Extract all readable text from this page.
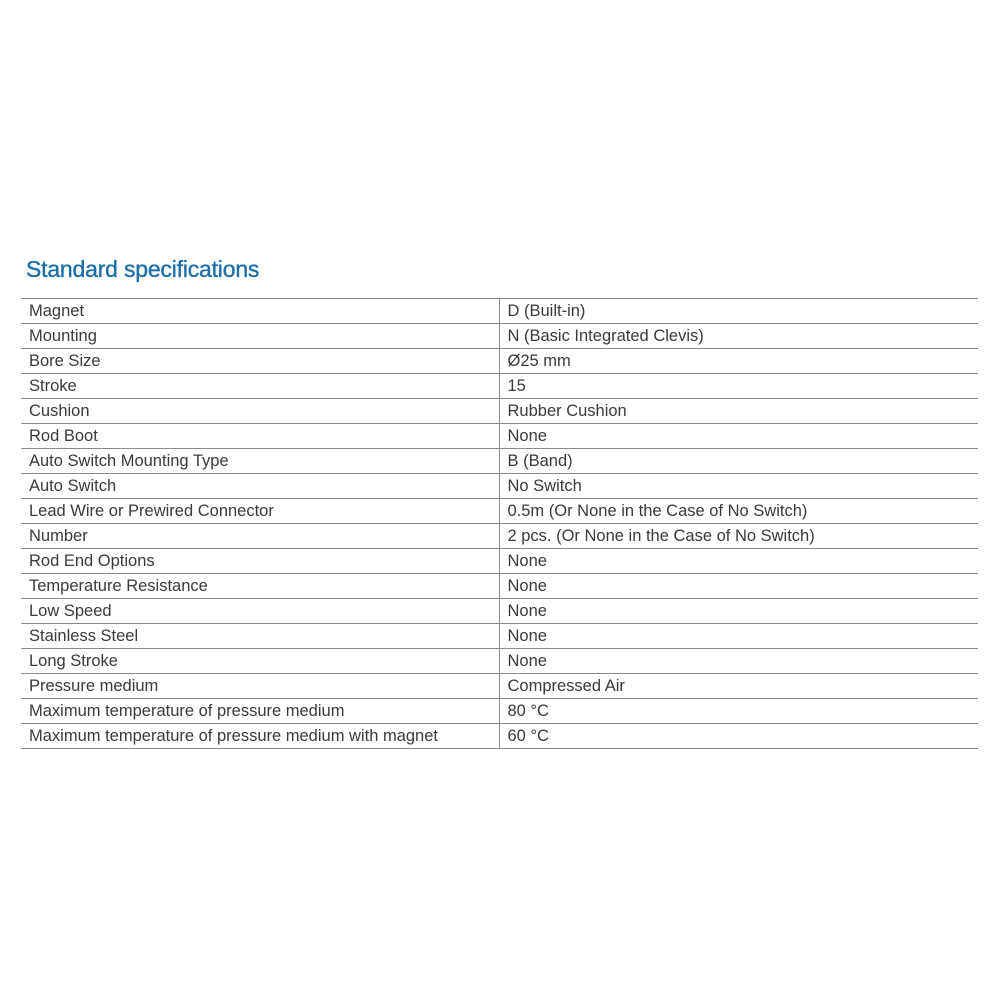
Standard specifications
Magnet	D (Built-in)
Mounting	N (Basic Integrated Clevis)
Bore Size	Ø25 mm
Stroke	15
Cushion	Rubber Cushion
Rod Boot	None
Auto Switch Mounting Type	B (Band)
Auto Switch	No Switch
Lead Wire or Prewired Connector	0.5m (Or None in the Case of No Switch)
Number	2 pcs. (Or None in the Case of No Switch)
Rod End Options	None
Temperature Resistance	None
Low Speed	None
Stainless Steel	None
Long Stroke	None
Pressure medium	Compressed Air
Maximum temperature of pressure medium	80 °C
Maximum temperature of pressure medium with magnet	60 °C
